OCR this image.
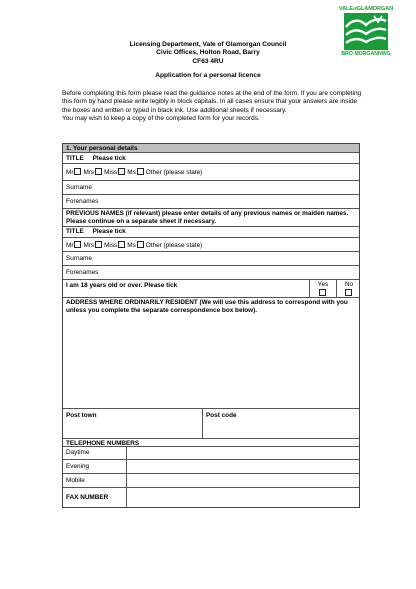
VALEofGLAMORGAN
BRO MORGANNWG
Licensing Department, Vale of Glamorgan Council
Civic Offices, Holton Road, Barry
CF63 4RU
Application for a personal licence

Before completing this form please read the guidance notes at the end of the form. If you are completing this form by hand please write legibly in block capitals. In all cases ensure that your answers are inside the boxes and written or typed in black ink. Use additional sheets if necessary.

You may wish to keep a copy of the completed form for your records.

1. Your personal details
TITLE Please tick
Mr Mrs Miss Ms Other (please state)
Surname
Forenames
PREVIOUS NAMES (if relevant) please enter details of any previous names or maiden names. Please continue on a separate sheet if necessary.
TITLE Please tick
Mr Mrs Miss Ms Other (please state)
Surname
Forenames
I am 18 years old or over. Please tick	Yes	No
ADDRESS WHERE ORDINARILY RESIDENT (We will use this address to correspond with you unless you complete the separate correspondence box below).
Post town	Post code
TELEPHONE NUMBERS
Daytime
Evening
Mobile
FAX NUMBER
